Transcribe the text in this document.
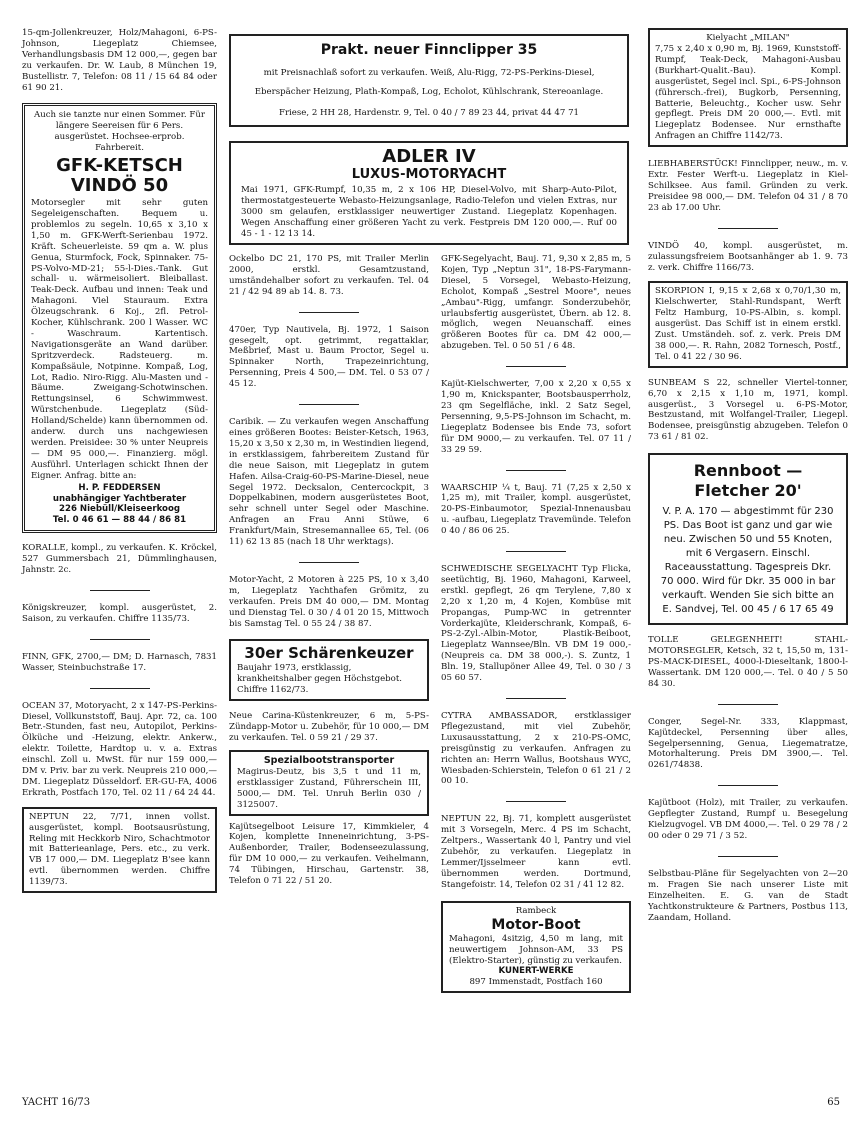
15-qm-Jollenkreuzer, Holz/Mahagoni, 6-PS-Johnson, Liegeplatz Chiemsee, Verhandlungsbasis DM 12 000,—, gegen bar zu verkaufen. Dr. W. Laub, 8 München 19, Bustellistr. 7, Telefon: 08 11 / 15 64 84 oder 61 90 21.

Auch sie tanzte nur einen Sommer. Für längere Seereisen für 6 Pers. ausgerüstet. Hochsee-erprob. Fahrbereit.

GFK-KETSCH
VINDÖ 50

Motorsegler mit sehr guten Segeleigenschaften. Bequem u. problemlos zu segeln. 10,65 x 3,10 x 1,50 m. GFK-Werft-Serienbau 1972. Kräft. Scheuerleiste. 59 qm a. W. plus Genua, Sturmfock, Fock, Spinnaker. 75-PS-Volvo-MD-21; 55-l-Dies.-Tank. Gut schall- u. wärmeisoliert. Bleiballast. Teak-Deck. Aufbau und innen: Teak und Mahagoni. Viel Stauraum. Extra Ölzeugschrank. 6 Koj., 2fl. Petrol-Kocher, Kühlschrank. 200 l Wasser. WC - Waschraum. Kartentisch. Navigationsgeräte an Wand darüber. Spritzverdeck. Radsteuerg. m. Kompaßsäule, Notpinne. Kompaß, Log, Lot, Radio. Niro-Rigg. Alu-Masten und -Bäume. Zweigang-Schotwinschen. Rettungsinsel, 6 Schwimmwest. Würstchenbude. Liegeplatz (Süd-Holland/Schelde) kann übernommen od. anderw. durch uns nachgewiesen werden. Preisidee: 30 % unter Neupreis — DM 95 000,—. Finanzierg. mögl. Ausführl. Unterlagen schickt Ihnen der Eigner. Anfrag. bitte an:

H. P. FEDDERSEN
unabhängiger Yachtberater
226 Niebüll/Kleiseerkoog
Tel. 0 46 61 — 88 44 / 86 81

KORALLE, kompl., zu verkaufen. K. Kröckel, 527 Gummersbach 21, Dümmlinghausen, Jahnstr. 2c.

Königskreuzer, kompl. ausgerüstet, 2. Saison, zu verkaufen. Chiffre 1135/73.

FINN, GFK, 2700,— DM; D. Harnasch, 7831 Wasser, Steinbuchstraße 17.

OCEAN 37, Motoryacht, 2 x 147-PS-Perkins-Diesel, Vollkunststoff, Bauj. Apr. 72, ca. 100 Betr.-Stunden, fast neu, Autopilot, Perkins-Ölküche und -Heizung, elektr. Ankerw., elektr. Toilette, Hardtop u. v. a. Extras einschl. Zoll u. MwSt. für nur 159 000,— DM v. Priv. bar zu verk. Neupreis 210 000,— DM. Liegeplatz Düsseldorf. ER-GU-FA, 4006 Erkrath, Postfach 170, Tel. 02 11 / 64 24 44.

NEPTUN 22, 7/71, innen vollst. ausgerüstet, kompl. Bootsausrüstung, Reling mit Heckkorb Niro, Schachtmotor mit Batterieanlage, Pers. etc., zu verk. VB 17 000,— DM. Liegeplatz B'see kann evtl. übernommen werden. Chiffre 1139/73.

Prakt. neuer Finnclipper 35

mit Preisnachlaß sofort zu verkaufen. Weiß, Alu-Rigg, 72-PS-Perkins-Diesel, Eberspächer Heizung, Plath-Kompaß, Log, Echolot, Kühlschrank, Stereoanlage.

Friese, 2 HH 28, Hardenstr. 9, Tel. 0 40 / 7 89 23 44, privat 44 47 71

ADLER IV
LUXUS-MOTORYACHT

Mai 1971, GFK-Rumpf, 10,35 m, 2 x 106 HP, Diesel-Volvo, mit Sharp-Auto-Pilot, thermostatgesteuerte Webasto-Heizungsanlage, Radio-Telefon und vielen Extras, nur 3000 sm gelaufen, erstklassiger neuwertiger Zustand. Liegeplatz Kopenhagen. Wegen Anschaffung einer größeren Yacht zu verk. Festpreis DM 120 000,—. Ruf 00 45 - 1 - 12 13 14.

Ockelbo DC 21, 170 PS, mit Trailer Merlin 2000, erstkl. Gesamtzustand, umständehalber sofort zu verkaufen. Tel. 04 21 / 42 94 89 ab 14. 8. 73.

470er, Typ Nautivela, Bj. 1972, 1 Saison gesegelt, opt. getrimmt, regattaklar, Meßbrief, Mast u. Baum Proctor, Segel u. Spinnaker North, Trapezeinrichtung, Persenning, Preis 4 500,— DM. Tel. 0 53 07 / 45 12.

Caribik. — Zu verkaufen wegen Anschaffung eines größeren Bootes: Beister-Ketsch, 1963, 15,20 x 3,50 x 2,30 m, in Westindien liegend, in erstklassigem, fahrbereitem Zustand für die neue Saison, mit Liegeplatz in gutem Hafen. Ailsa-Craig-60-PS-Marine-Diesel, neue Segel 1972. Decksalon, Centercockpit, 3 Doppelkabinen, modern ausgerüstetes Boot, sehr schnell unter Segel oder Maschine. Anfragen an Frau Anni Stüwe, 6 Frankfurt/Main, Stresemannallee 65, Tel. (06 11) 62 13 85 (nach 18 Uhr werktags).

Motor-Yacht, 2 Motoren à 225 PS, 10 x 3,40 m, Liegeplatz Yachthafen Grömitz, zu verkaufen. Preis DM 40 000,— DM. Montag und Dienstag Tel. 0 30 / 4 01 20 15, Mittwoch bis Samstag Tel. 0 55 24 / 38 87.

30er Schärenkeuzer

Baujahr 1973, erstklassig, krankheitshalber gegen Höchstgebot. Chiffre 1162/73.

Neue Carina-Küstenkreuzer, 6 m, 5-PS-Zündapp-Motor u. Zubehör, für 10 000,— DM zu verkaufen. Tel. 0 59 21 / 29 37.

Spezialbootstransporter

Magirus-Deutz, bis 3,5 t und 11 m, erstklassiger Zustand, Führerschein III, 5000,— DM. Tel. Unruh Berlin 030 / 3125007.

Kajütsegelboot Leisure 17, Kimmkieler, 4 Kojen, komplette Inneneinrichtung, 3-PS-Außenborder, Trailer, Bodenseezulassung, für DM 10 000,— zu verkaufen. Veihelmann, 74 Tübingen, Hirschau, Gartenstr. 38, Telefon 0 71 22 / 51 20.

GFK-Segelyacht, Bauj. 71, 9,30 x 2,85 m, 5 Kojen, Typ „Neptun 31", 18-PS-Farymann-Diesel, 5 Vorsegel, Webasto-Heizung, Echolot, Kompaß „Sestrel Moore", neues „Ambau"-Rigg, umfangr. Sonderzubehör, urlaubsfertig ausgerüstet, Übern. ab 12. 8. möglich, wegen Neuanschaff. eines größeren Bootes für ca. DM 42 000,— abzugeben. Tel. 0 50 51 / 6 48.

Kajüt-Kielschwerter, 7,00 x 2,20 x 0,55 x 1,90 m, Knickspanter, Bootsbausperrholz, 23 qm Segelfläche, inkl. 2 Satz Segel, Persenning, 9,5-PS-Johnson im Schacht, m. Liegeplatz Bodensee bis Ende 73, sofort für DM 9000,— zu verkaufen. Tel. 07 11 / 33 29 59.

WAARSCHIP ¼ t, Bauj. 71 (7,25 x 2,50 x 1,25 m), mit Trailer, kompl. ausgerüstet, 20-PS-Einbaumotor, Spezial-Innenausbau u. -aufbau, Liegeplatz Travemünde. Telefon 0 40 / 86 06 25.

SCHWEDISCHE SEGELYACHT Typ Flicka, seetüchtig, Bj. 1960, Mahagoni, Karweel, erstkl. gepflegt, 26 qm Terylene, 7,80 x 2,20 x 1,20 m, 4 Kojen, Kombüse mit Propangas, Pump-WC in getrennter Vorderkajüte, Kleiderschrank, Kompaß, 6-PS-2-Zyl.-Albin-Motor, Plastik-Beiboot, Liegeplatz Wannsee/Bln. VB DM 19 000,- (Neupreis ca. DM 38 000,-). S. Zuntz, 1 Bln. 19, Stallupöner Allee 49, Tel. 0 30 / 3 05 60 57.

CYTRA AMBASSADOR, erstklassiger Pflegezustand, mit viel Zubehör, Luxusausstattung, 2 x 210-PS-OMC, preisgünstig zu verkaufen. Anfragen zu richten an: Herrn Wallus, Bootshaus WYC, Wiesbaden-Schierstein, Telefon 0 61 21 / 2 00 10.

NEPTUN 22, Bj. 71, komplett ausgerüstet mit 3 Vorsegeln, Merc. 4 PS im Schacht, Zeltpers., Wassertank 40 l, Pantry und viel Zubehör, zu verkaufen. Liegeplatz in Lemmer/Ijsselmeer kann evtl. übernommen werden. Dortmund, Stangefoistr. 14, Telefon 02 31 / 41 12 82.

Rambeck
Motor-Boot

Mahagoni, 4sitzig, 4,50 m lang, mit neuwertigem Johnson-AM, 33 PS (Elektro-Starter), günstig zu verkaufen.

KUNERT-WERKE
897 Immenstadt, Postfach 160
Kielyacht „MILAN"

7,75 x 2,40 x 0,90 m, Bj. 1969, Kunststoff-Rumpf, Teak-Deck, Mahagoni-Ausbau (Burkhart-Qualit.-Bau). Kompl. ausgerüstet, Segel incl. Spi., 6-PS-Johnson (führersch.-frei), Bugkorb, Persenning, Batterie, Beleuchtg., Kocher usw. Sehr gepflegt. Preis DM 20 000,—. Evtl. mit Liegeplatz Bodensee. Nur ernsthafte Anfragen an Chiffre 1142/73.

LIEBHABERSTÜCK! Finnclipper, neuw., m. v. Extr. Fester Werft-u. Liegeplatz in Kiel-Schilksee. Aus famil. Gründen zu verk. Preisidee 98 000,— DM. Telefon 04 31 / 8 70 23 ab 17.00 Uhr.

VINDÖ 40, kompl. ausgerüstet, m. zulassungsfreiem Bootsanhänger ab 1. 9. 73 z. verk. Chiffre 1166/73.

SKORPION I, 9,15 x 2,68 x 0,70/1,30 m, Kielschwerter, Stahl-Rundspant, Werft Feltz Hamburg, 10-PS-Albin, s. kompl. ausgerüst. Das Schiff ist in einem erstkl. Zust. Umständeh. sof. z. verk. Preis DM 38 000,—. R. Rahn, 2082 Tornesch, Postf., Tel. 0 41 22 / 30 96.

SUNBEAM S 22, schneller Viertel-tonner, 6,70 x 2,15 x 1,10 m, 1971, kompl. ausgerüst., 3 Vorsegel u. 6-PS-Motor, Bestzustand, mit Wolfangel-Trailer, Liegepl. Bodensee, preisgünstig abzugeben. Telefon 0 73 61 / 81 02.

Rennboot —
Fletcher 20'

V. P. A. 170 — abgestimmt für 230 PS. Das Boot ist ganz und gar wie neu. Zwischen 50 und 55 Knoten, mit 6 Vergasern. Einschl. Raceausstattung. Tagespreis Dkr. 70 000. Wird für Dkr. 35 000 in bar verkauft. Wenden Sie sich bitte an E. Sandvej, Tel. 00 45 / 6 17 65 49

TOLLE GELEGENHEIT! STAHL-MOTORSEGLER, Ketsch, 32 t, 15,50 m, 131-PS-MACK-DIESEL, 4000-l-Dieseltank, 1800-l-Wassertank. DM 120 000,—. Tel. 0 40 / 5 50 84 30.

Conger, Segel-Nr. 333, Klappmast, Kajütdeckel, Persenning über alles, Segelpersenning, Genua, Liegematratze, Motorhalterung. Preis DM 3900,—. Tel. 0261/74838.

Kajütboot (Holz), mit Trailer, zu verkaufen. Gepflegter Zustand, Rumpf u. Besegelung Kielzugvogel. VB DM 4000,—. Tel. 0 29 78 / 2 00 oder 0 29 71 / 3 52.

Selbstbau-Pläne für Segelyachten von 2—20 m. Fragen Sie nach unserer Liste mit Einzelheiten. E. G. van de Stadt Yachtkonstrukteure & Partners, Postbus 113, Zaandam, Holland.

YACHT 16/73	65
